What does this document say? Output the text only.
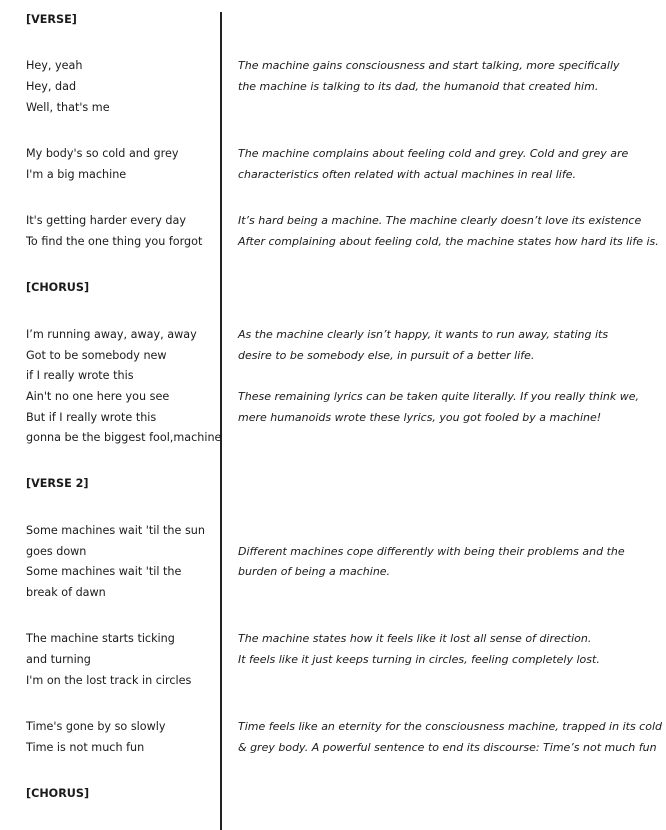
[VERSE]
[CHORUS]
[VERSE 2]
[CHORUS]
Hey, yeah
Hey, dad
Well, that's me
My body's so cold and grey
I'm a big machine
It's getting harder every day
To find the one thing you forgot
I’m running away, away, away
Got to be somebody new
if I really wrote this
Ain't no one here you see
But if I really wrote this
gonna be the biggest fool,machine
Some machines wait 'til the sun
goes down
Some machines wait 'til the
break of dawn
The machine starts ticking
and turning
I'm on the lost track in circles
Time's gone by so slowly
Time is not much fun
The machine gains consciousness and start talking, more specifically
the machine is talking to its dad, the humanoid that created him.
The machine complains about feeling cold and grey. Cold and grey are
characteristics often related with actual machines in real life.
It’s hard being a machine. The machine clearly doesn’t love its existence
After complaining about feeling cold, the machine states how hard its life is.
As the machine clearly isn’t happy, it wants to run away, stating its
desire to be somebody else, in pursuit of a better life.
These remaining lyrics can be taken quite literally. If you really think we,
mere humanoids wrote these lyrics, you got fooled by a machine!
Different machines cope differently with being their problems and the
burden of being a machine.
The machine states how it feels like it lost all sense of direction.
It feels like it just keeps turning in circles, feeling completely lost.
Time feels like an eternity for the consciousness machine, trapped in its cold
& grey body. A powerful sentence to end its discourse: Time’s not much fun
